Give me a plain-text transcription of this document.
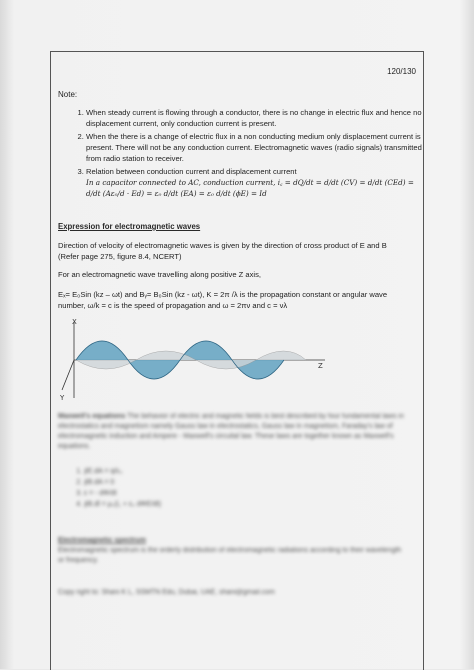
120/130
Note:
1. When steady current is flowing through a conductor, there is no change in electric flux and hence no displacement current, only conduction current is present.
2. When the there is a change of electric flux in a non conducting medium only displacement current is present. There will not be any conduction current. Electromagnetic waves (radio signals) transmitted from radio station to receiver.
3. Relation between conduction current and displacement current
In a capacitor connected to AC, conduction current, i꜀ = dQ/dt = d/dt (CV) = d/dt (CEd) =
d/dt (Aε₀/d · Ed) = ε₀ d/dt (EA) = ε₀ d/dt (ϕE) = Id
Expression for electromagnetic waves
Direction of velocity of electromagnetic waves is given by the direction of cross product of E and B (Refer page 275, figure 8.4, NCERT)
For an electromagnetic wave travelling along positive Z axis,
Eₓ= E₀Sin (kz – ωt) and Bᵧ= B₀Sin (kz - ωt), K = 2π /λ is the propagation constant or angular wave number, ω/k = c is the speed of propagation and ω = 2πν and c = νλ
X
Y
Z
Maxwell's equations The behavior of electric and magnetic fields is best described by four fundamental laws in electrostatics and magnetism namely Gauss law in electrostatics, Gauss law in magnetism, Faraday's law of electromagnetic induction and Ampere - Maxwell's circuital law. These laws are together known as Maxwell's equations.
1. ∮E.dA = q/ε₀
2. ∮B.dA = 0
3. ε = - dΦ/dt
4. ∮B.dl = μ₀(i꜀ + ε₀ dΦE/dt)
Electromagnetic spectrum
Electromagnetic spectrum is the orderly distribution of electromagnetic radiations according to their wavelength or frequency.
Copy right to: Shani K L, SSMTN Edu, Dubai, UAE, shani@gmail.com
